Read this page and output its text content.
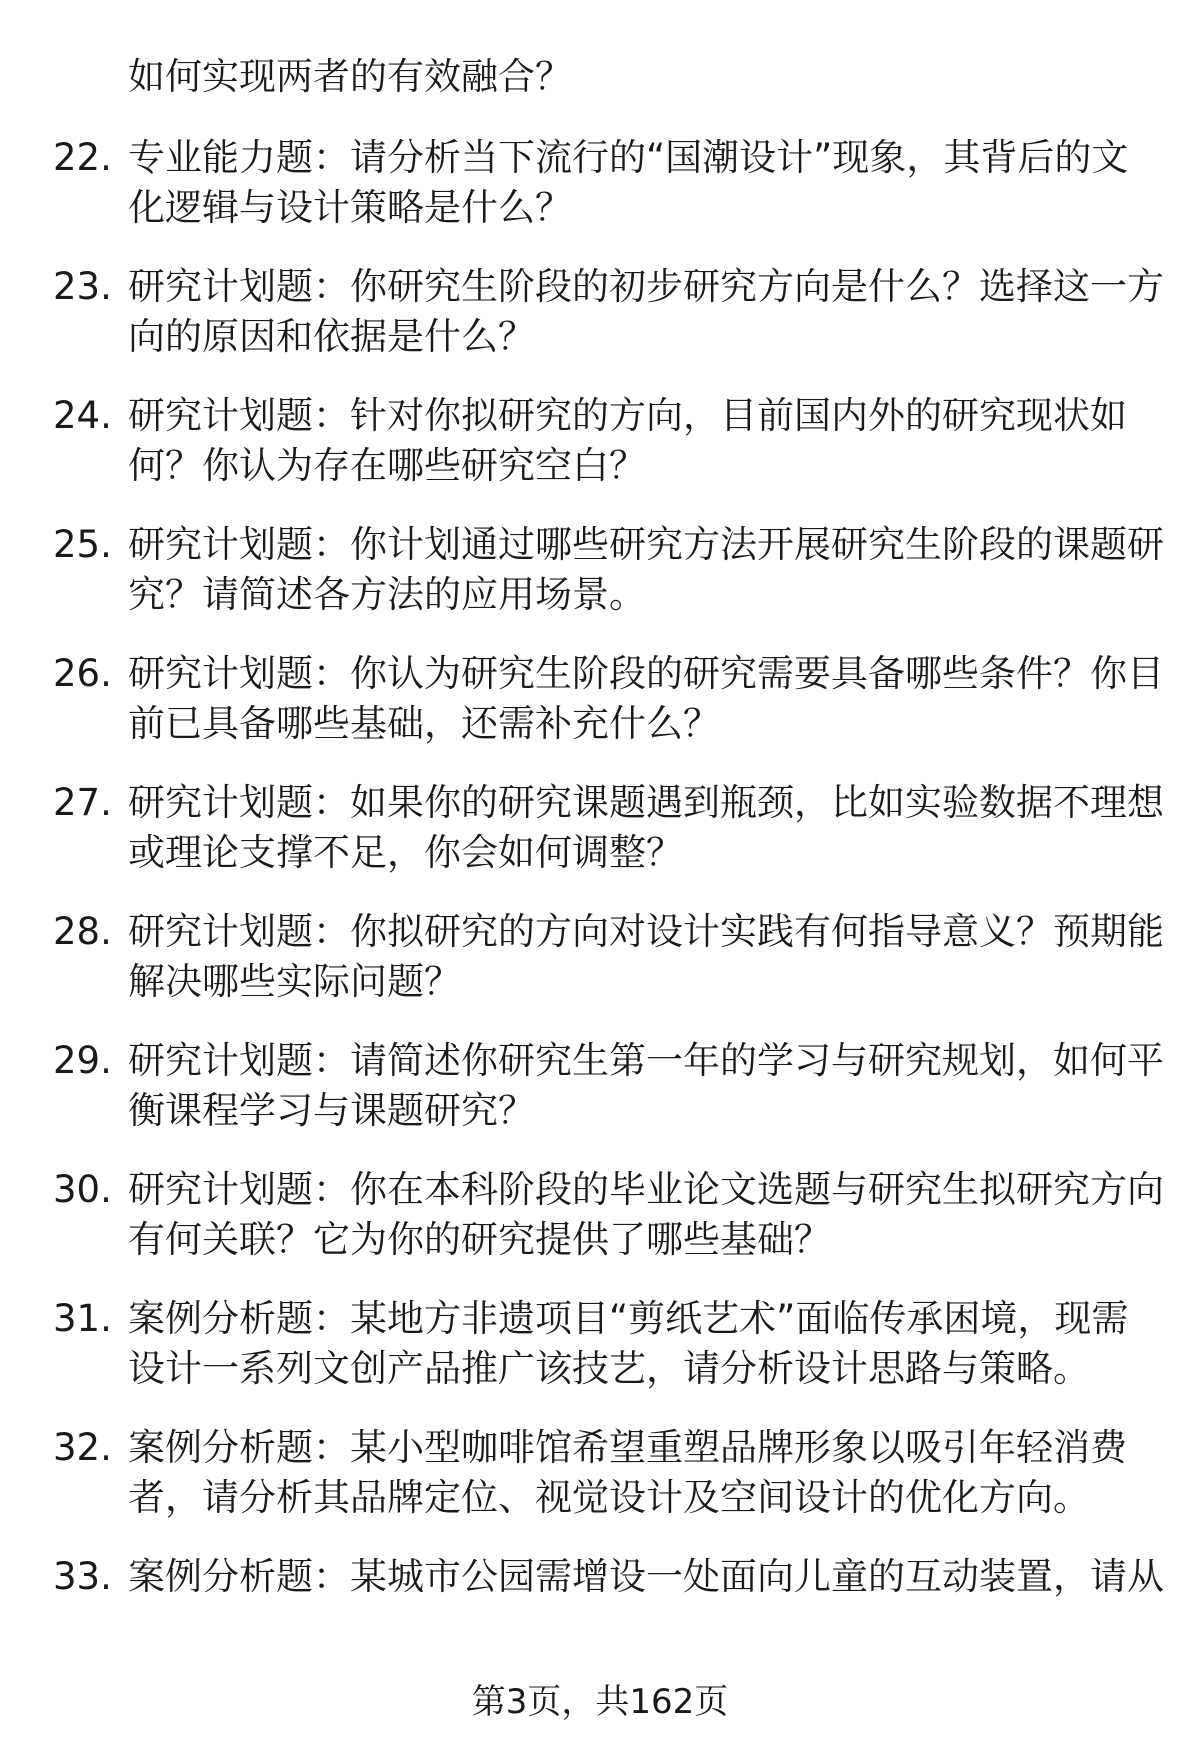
如何实现两者的有效融合？
22. 专业能力题：请分析当下流行的“国潮设计”现象，其背后的文
化逻辑与设计策略是什么？
23. 研究计划题：你研究生阶段的初步研究方向是什么？选择这一方
向的原因和依据是什么？
24. 研究计划题：针对你拟研究的方向，目前国内外的研究现状如
何？你认为存在哪些研究空白？
25. 研究计划题：你计划通过哪些研究方法开展研究生阶段的课题研
究？请简述各方法的应用场景。
26. 研究计划题：你认为研究生阶段的研究需要具备哪些条件？你目
前已具备哪些基础，还需补充什么？
27. 研究计划题：如果你的研究课题遇到瓶颈，比如实验数据不理想
或理论支撑不足，你会如何调整？
28. 研究计划题：你拟研究的方向对设计实践有何指导意义？预期能
解决哪些实际问题？
29. 研究计划题：请简述你研究生第一年的学习与研究规划，如何平
衡课程学习与课题研究？
30. 研究计划题：你在本科阶段的毕业论文选题与研究生拟研究方向
有何关联？它为你的研究提供了哪些基础？
31. 案例分析题：某地方非遗项目“剪纸艺术”面临传承困境，现需
设计一系列文创产品推广该技艺，请分析设计思路与策略。
32. 案例分析题：某小型咖啡馆希望重塑品牌形象以吸引年轻消费
者，请分析其品牌定位、视觉设计及空间设计的优化方向。
33. 案例分析题：某城市公园需增设一处面向儿童的互动装置，请从
第3页，共162页
